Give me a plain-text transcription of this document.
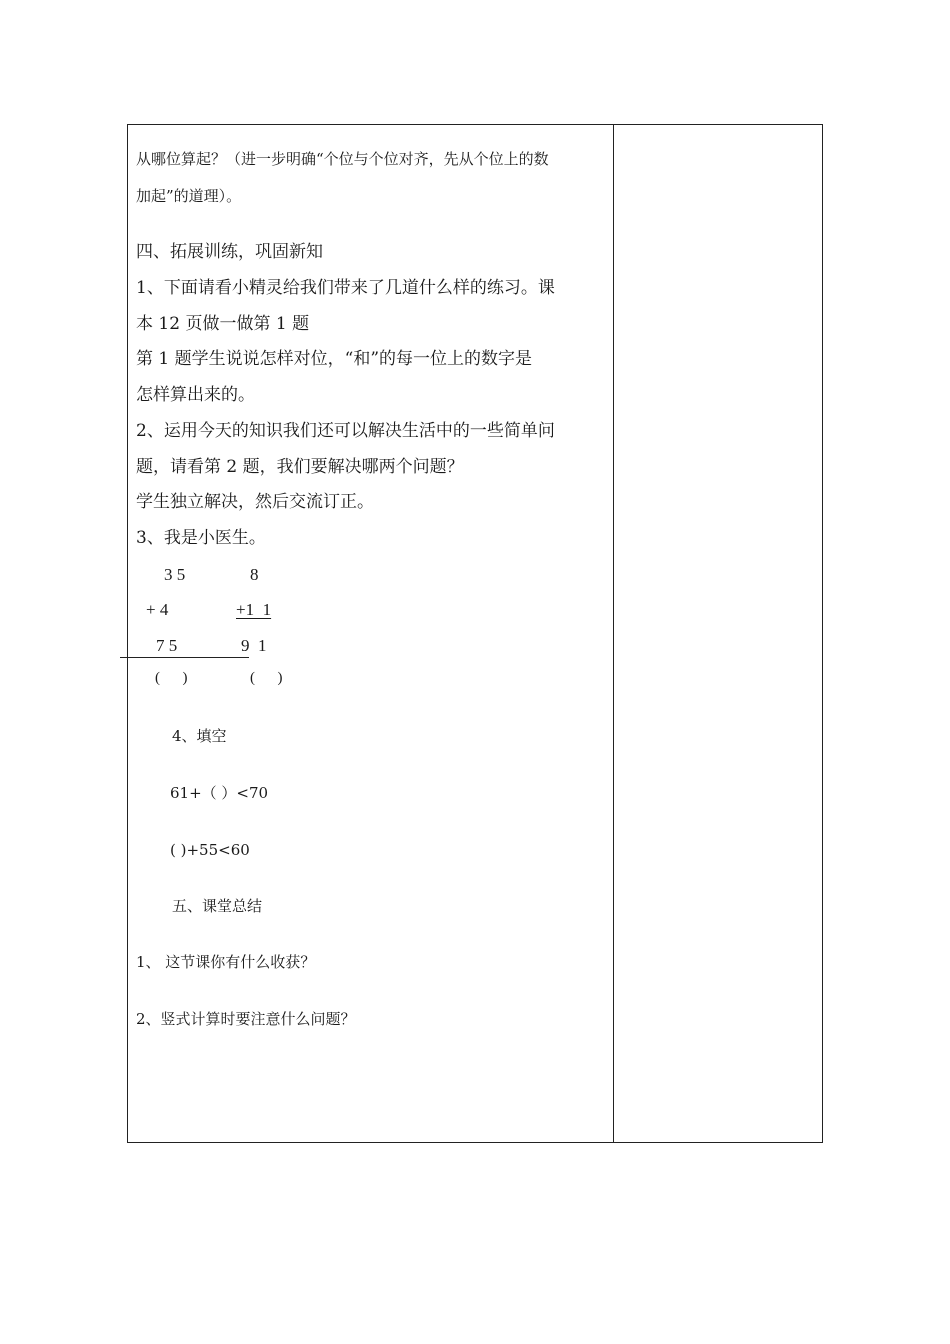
从哪位算起？（进一步明确“个位与个位对齐，先从个位上的数
加起”的道理）。
四、拓展训练，巩固新知
1、下面请看小精灵给我们带来了几道什么样的练习。课
本 12 页做一做第 1 题
第 1 题学生说说怎样对位，“和”的每一位上的数字是
怎样算出来的。
2、运用今天的知识我们还可以解决生活中的一些简单问
题，请看第 2 题，我们要解决哪两个问题？
学生独立解决，然后交流订正。
3、我是小医生。
3 5	8
+ 4	+1  1
7 5	9  1
(      )	(      )
4、填空
61+（ ）<70
( )+55<60
五、课堂总结
1、 这节课你有什么收获？
2、竖式计算时要注意什么问题？
